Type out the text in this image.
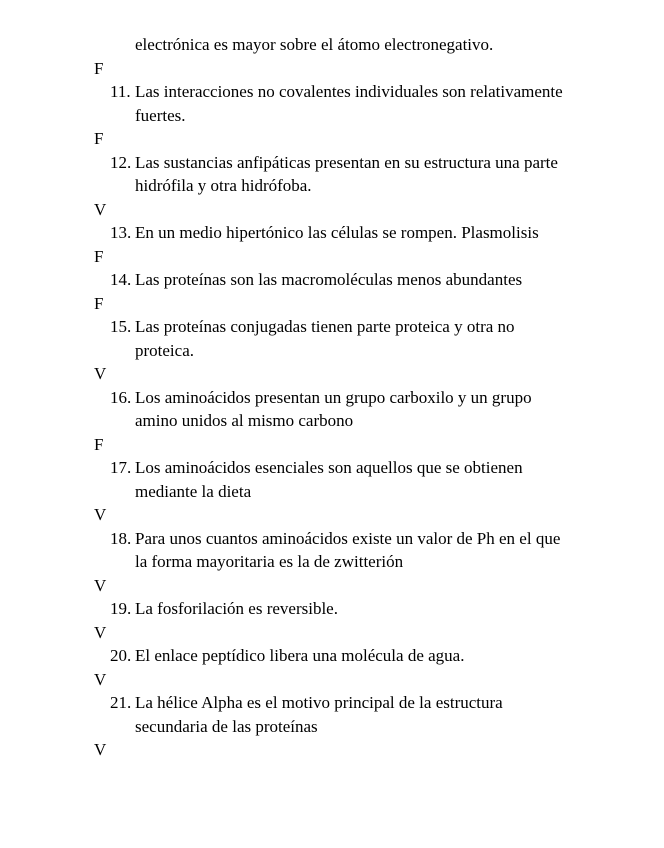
electrónica es mayor sobre el átomo electronegativo.

F

11. Las interacciones no covalentes individuales son relativamente fuertes.

F

12. Las sustancias anfipáticas presentan en su estructura una parte hidrófila y otra hidrófoba.

V

13. En un medio hipertónico las células se rompen. Plasmolisis

F

14. Las proteínas son las macromoléculas menos abundantes

F

15. Las proteínas conjugadas tienen parte proteica y otra no proteica.

V

16. Los aminoácidos presentan un grupo carboxilo y un grupo amino unidos al mismo carbono

F

17. Los aminoácidos esenciales son aquellos que se obtienen mediante la dieta

V

18. Para unos cuantos aminoácidos existe un valor de Ph en el que la forma mayoritaria es la de zwitterión

V

19. La fosforilación es reversible.

V

20. El enlace peptídico libera una molécula de agua.

V

21. La hélice Alpha es el motivo principal de la estructura secundaria de las proteínas

V
